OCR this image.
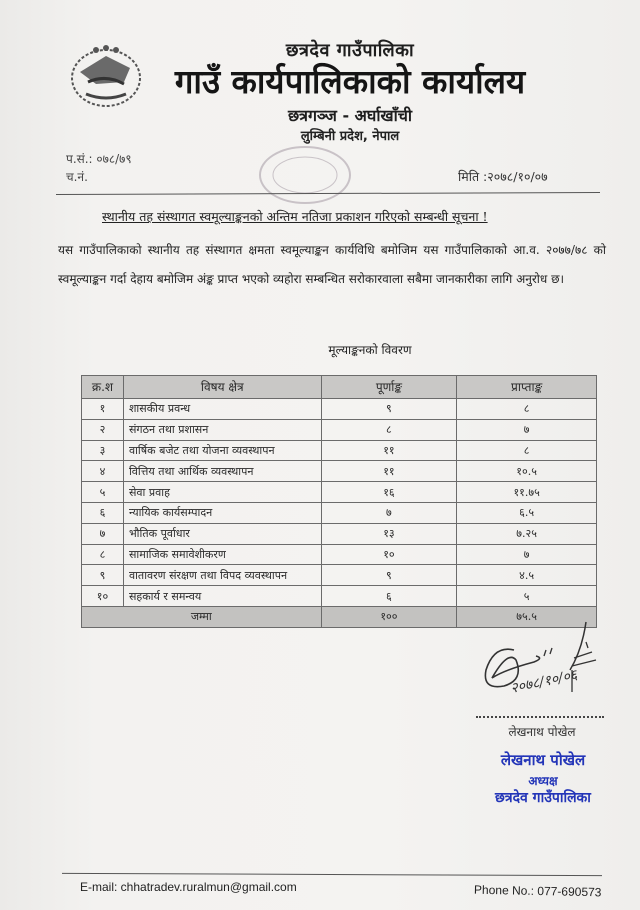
छत्रदेव गाउँपालिका
गाउँ कार्यपालिकाको कार्यालय
छत्रगञ्ज - अर्घाखाँची
लुम्बिनी प्रदेश, नेपाल
प.सं.: ०७८/७९
च.नं.	मिति :२०७८/१०/०७
स्थानीय तह संस्थागत स्वमूल्याङ्कनको अन्तिम नतिजा प्रकाशन गरिएको सम्बन्धी सूचना !
यस गाउँपालिकाको स्थानीय तह संस्थागत क्षमता स्वमूल्याङ्कन कार्यविधि बमोजिम यस गाउँपालिकाको आ.व. २०७७/७८ को स्वमूल्याङ्कन गर्दा देहाय बमोजिम अंङ्क प्राप्त भएको व्यहोरा सम्बन्धित सरोकारवाला सबैमा जानकारीका लागि अनुरोध छ।
मूल्याङ्कनको विवरण
क्र.श	विषय क्षेत्र	पूर्णाङ्क	प्राप्ताङ्क
१	शासकीय प्रवन्ध	९	८
२	संगठन तथा प्रशासन	८	७
३	वार्षिक बजेट तथा योजना व्यवस्थापन	११	८
४	वित्तिय तथा आर्थिक व्यवस्थापन	११	१०.५
५	सेवा प्रवाह	१६	११.७५
६	न्यायिक कार्यसम्पादन	७	६.५
७	भौतिक पूर्वाधार	१३	७.२५
८	सामाजिक समावेशीकरण	१०	७
९	वातावरण संरक्षण तथा विपद व्यवस्थापन	९	४.५
१०	सहकार्य र समन्वय	६	५
जम्मा		१००	७५.५
२०७८/१०/०६
लेखनाथ पोखेल
लेखनाथ पोखेल
अध्यक्ष
छत्रदेव गाउँपालिका
E-mail: chhatradev.ruralmun@gmail.com	Phone No.: 077-690573
